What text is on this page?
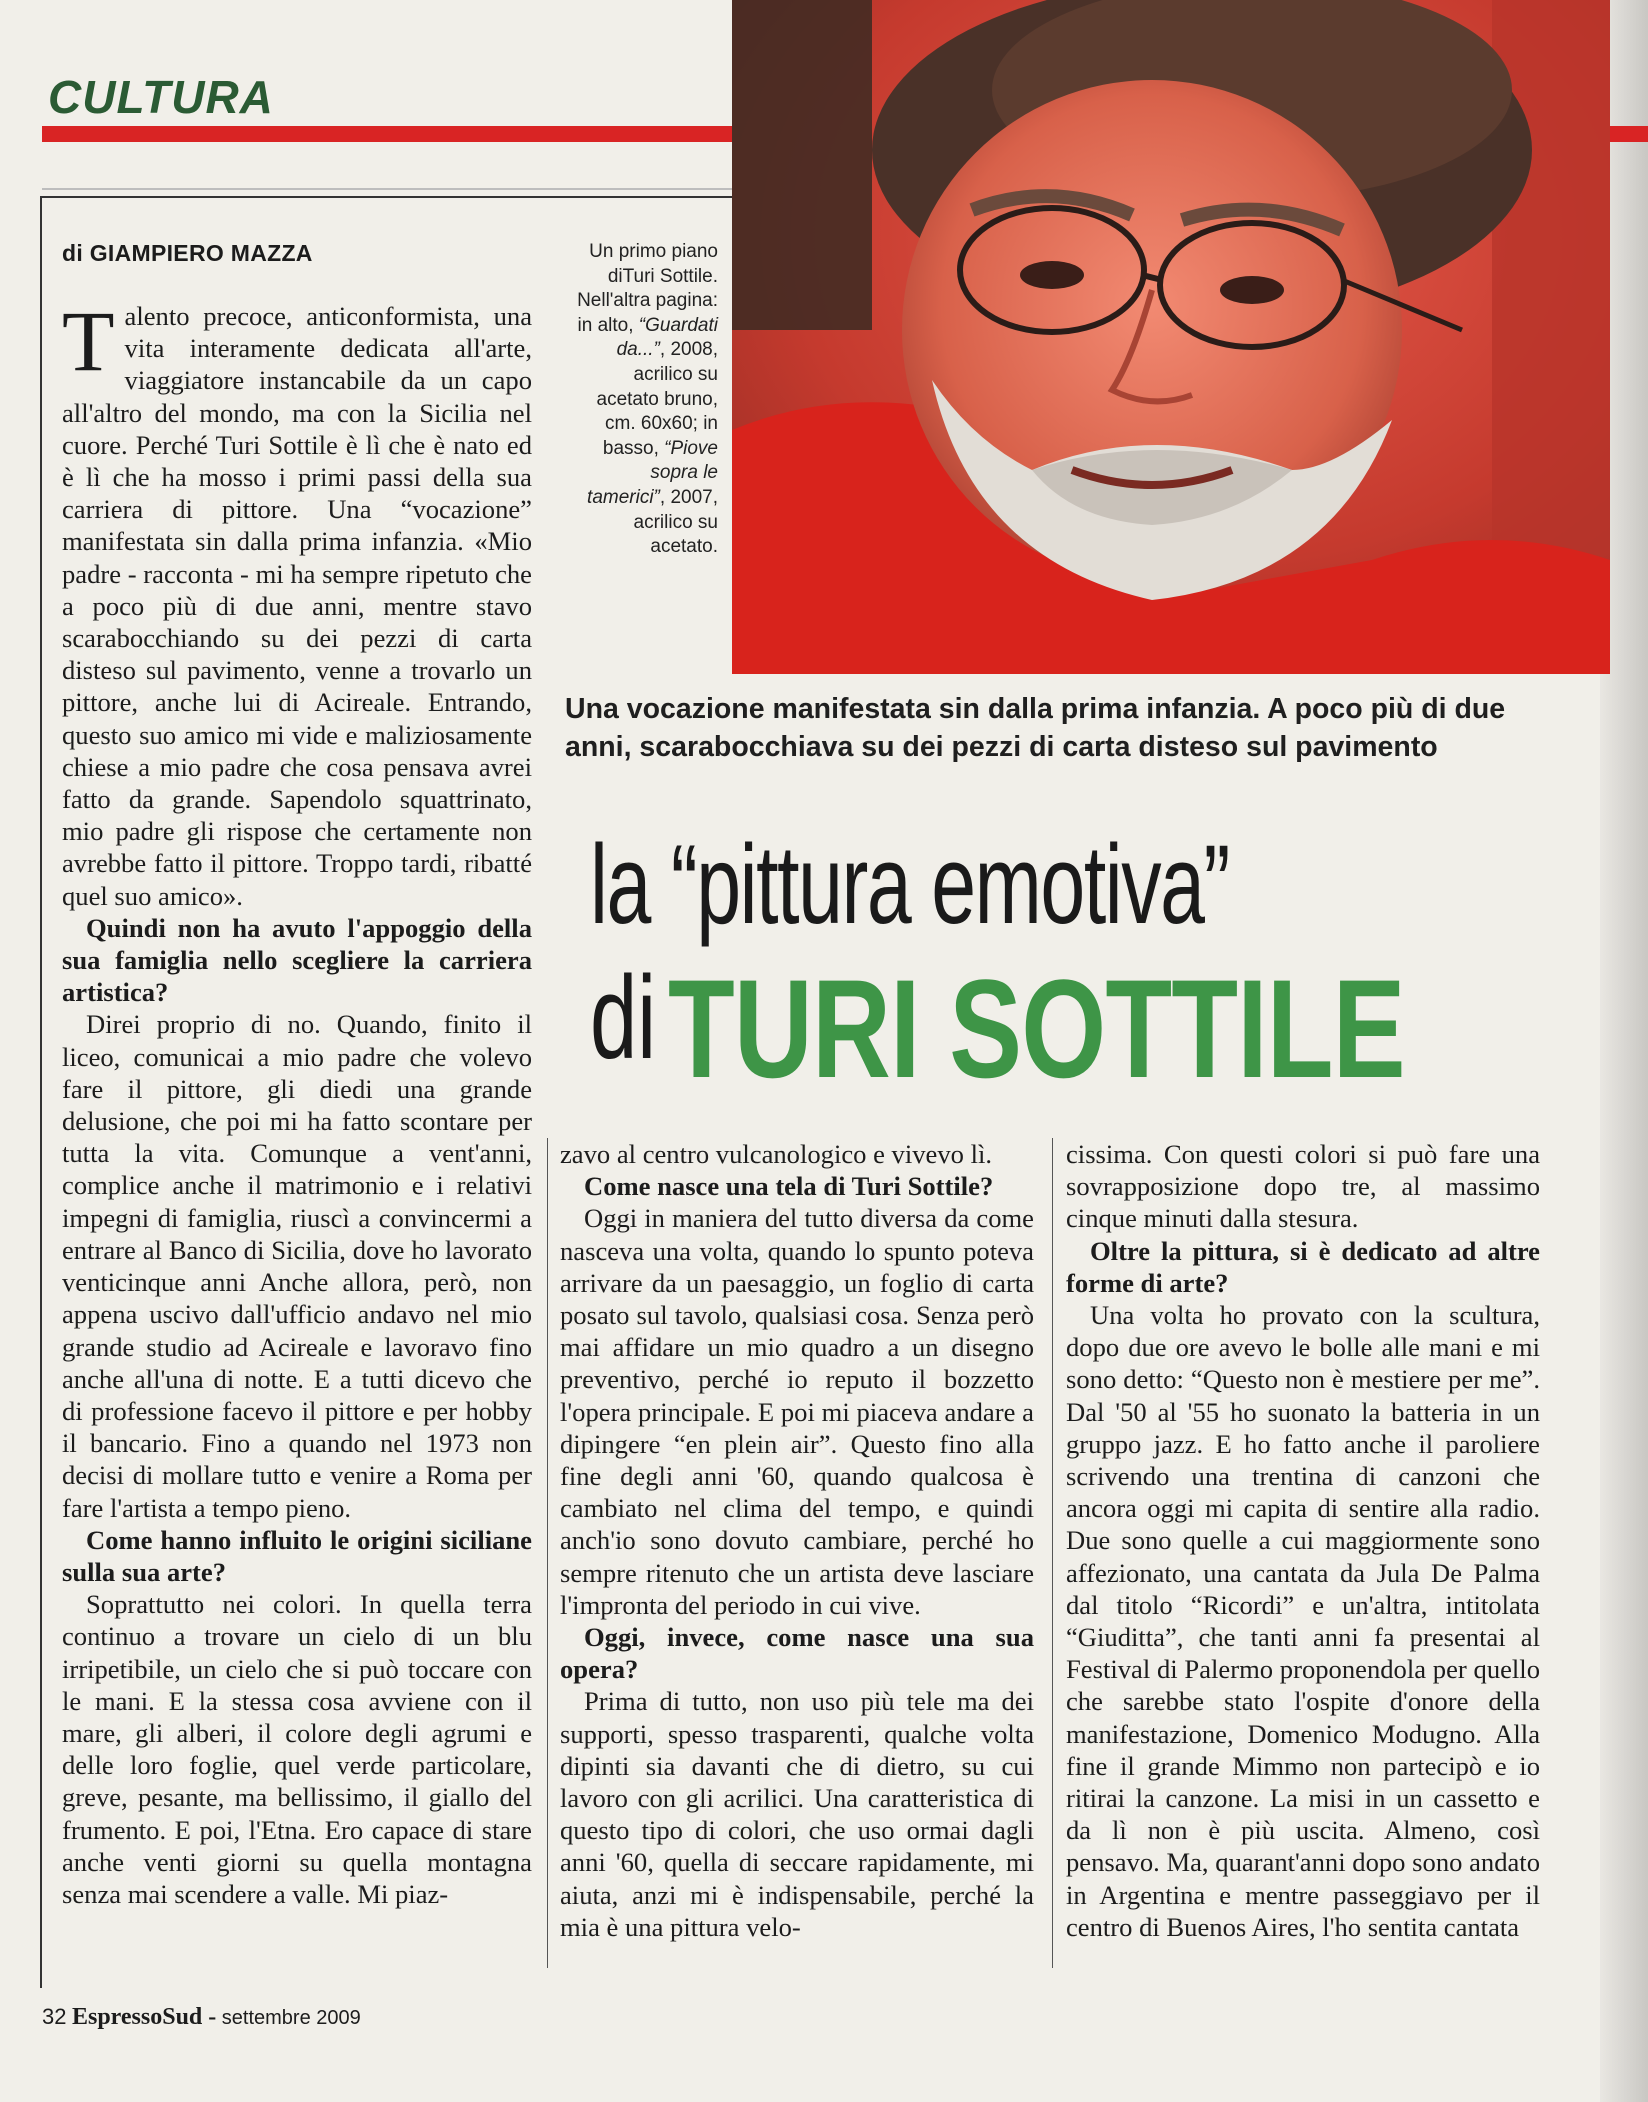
CULTURA
Un primo piano diTuri Sottile. Nell'altra pagina: in alto, “Guardati da...”, 2008, acrilico su acetato bruno, cm. 60x60; in basso, “Piove sopra le tamerici”, 2007, acrilico su acetato.
di GIAMPIERO MAZZA
Una vocazione manifestata sin dalla prima infanzia. A poco più di due anni, scarabocchiava su dei pezzi di carta disteso sul pavimento
la “pittura emotiva”
di TURI SOTTILE

Talento precoce, anticonformista, una vita interamente dedicata all'arte, viaggiatore instancabile da un capo all'altro del mondo, ma con la Sicilia nel cuore. Perché Turi Sottile è lì che è nato ed è lì che ha mosso i primi passi della sua carriera di pittore. Una “vocazione” manifestata sin dalla prima infanzia. «Mio padre - racconta - mi ha sempre ripetuto che a poco più di due anni, mentre stavo scarabocchiando su dei pezzi di carta disteso sul pavimento, venne a trovarlo un pittore, anche lui di Acireale. Entrando, questo suo amico mi vide e maliziosamente chiese a mio padre che cosa pensava avrei fatto da grande. Sapendolo squattrinato, mio padre gli rispose che certamente non avrebbe fatto il pittore. Troppo tardi, ribatté quel suo amico».

Quindi non ha avuto l'appoggio della sua famiglia nello scegliere la carriera artistica?

Direi proprio di no. Quando, finito il liceo, comunicai a mio padre che volevo fare il pittore, gli diedi una grande delusione, che poi mi ha fatto scontare per tutta la vita. Comunque a vent'anni, complice anche il matrimonio e i relativi impegni di famiglia, riuscì a convincermi a entrare al Banco di Sicilia, dove ho lavorato venticinque anni Anche allora, però, non appena uscivo dall'ufficio andavo nel mio grande studio ad Acireale e lavoravo fino anche all'una di notte. E a tutti dicevo che di professione facevo il pittore e per hobby il bancario. Fino a quando nel 1973 non decisi di mollare tutto e venire a Roma per fare l'artista a tempo pieno.

Come hanno influito le origini siciliane sulla sua arte?

Soprattutto nei colori. In quella terra continuo a trovare un cielo di un blu irripetibile, un cielo che si può toccare con le mani. E la stessa cosa avviene con il mare, gli alberi, il colore degli agrumi e delle loro foglie, quel verde particolare, greve, pesante, ma bellissimo, il giallo del frumento. E poi, l'Etna. Ero capace di stare anche venti giorni su quella montagna senza mai scendere a valle. Mi piaz-

zavo al centro vulcanologico e vivevo lì.

Come nasce una tela di Turi Sottile?

Oggi in maniera del tutto diversa da come nasceva una volta, quando lo spunto poteva arrivare da un paesaggio, un foglio di carta posato sul tavolo, qualsiasi cosa. Senza però mai affidare un mio quadro a un disegno preventivo, perché io reputo il bozzetto l'opera principale. E poi mi piaceva andare a dipingere “en plein air”. Questo fino alla fine degli anni '60, quando qualcosa è cambiato nel clima del tempo, e quindi anch'io sono dovuto cambiare, perché ho sempre ritenuto che un artista deve lasciare l'impronta del periodo in cui vive.

Oggi, invece, come nasce una sua opera?

Prima di tutto, non uso più tele ma dei supporti, spesso trasparenti, qualche volta dipinti sia davanti che di dietro, su cui lavoro con gli acrilici. Una caratteristica di questo tipo di colori, che uso ormai dagli anni '60, quella di seccare rapidamente, mi aiuta, anzi mi è indispensabile, perché la mia è una pittura velo-

cissima. Con questi colori si può fare una sovrapposizione dopo tre, al massimo cinque minuti dalla stesura.

Oltre la pittura, si è dedicato ad altre forme di arte?

Una volta ho provato con la scultura, dopo due ore avevo le bolle alle mani e mi sono detto: “Questo non è mestiere per me”. Dal '50 al '55 ho suonato la batteria in un gruppo jazz. E ho fatto anche il paroliere scrivendo una trentina di canzoni che ancora oggi mi capita di sentire alla radio. Due sono quelle a cui maggiormente sono affezionato, una cantata da Jula De Palma dal titolo “Ricordi” e un'altra, intitolata “Giuditta”, che tanti anni fa presentai al Festival di Palermo proponendola per quello che sarebbe stato l'ospite d'onore della manifestazione, Domenico Modugno. Alla fine il grande Mimmo non partecipò e io ritirai la canzone. La misi in un cassetto e da lì non è più uscita. Almeno, così pensavo. Ma, quarant'anni dopo sono andato in Argentina e mentre passeggiavo per il centro di Buenos Aires, l'ho sentita cantata

32 EspressoSud - settembre 2009
